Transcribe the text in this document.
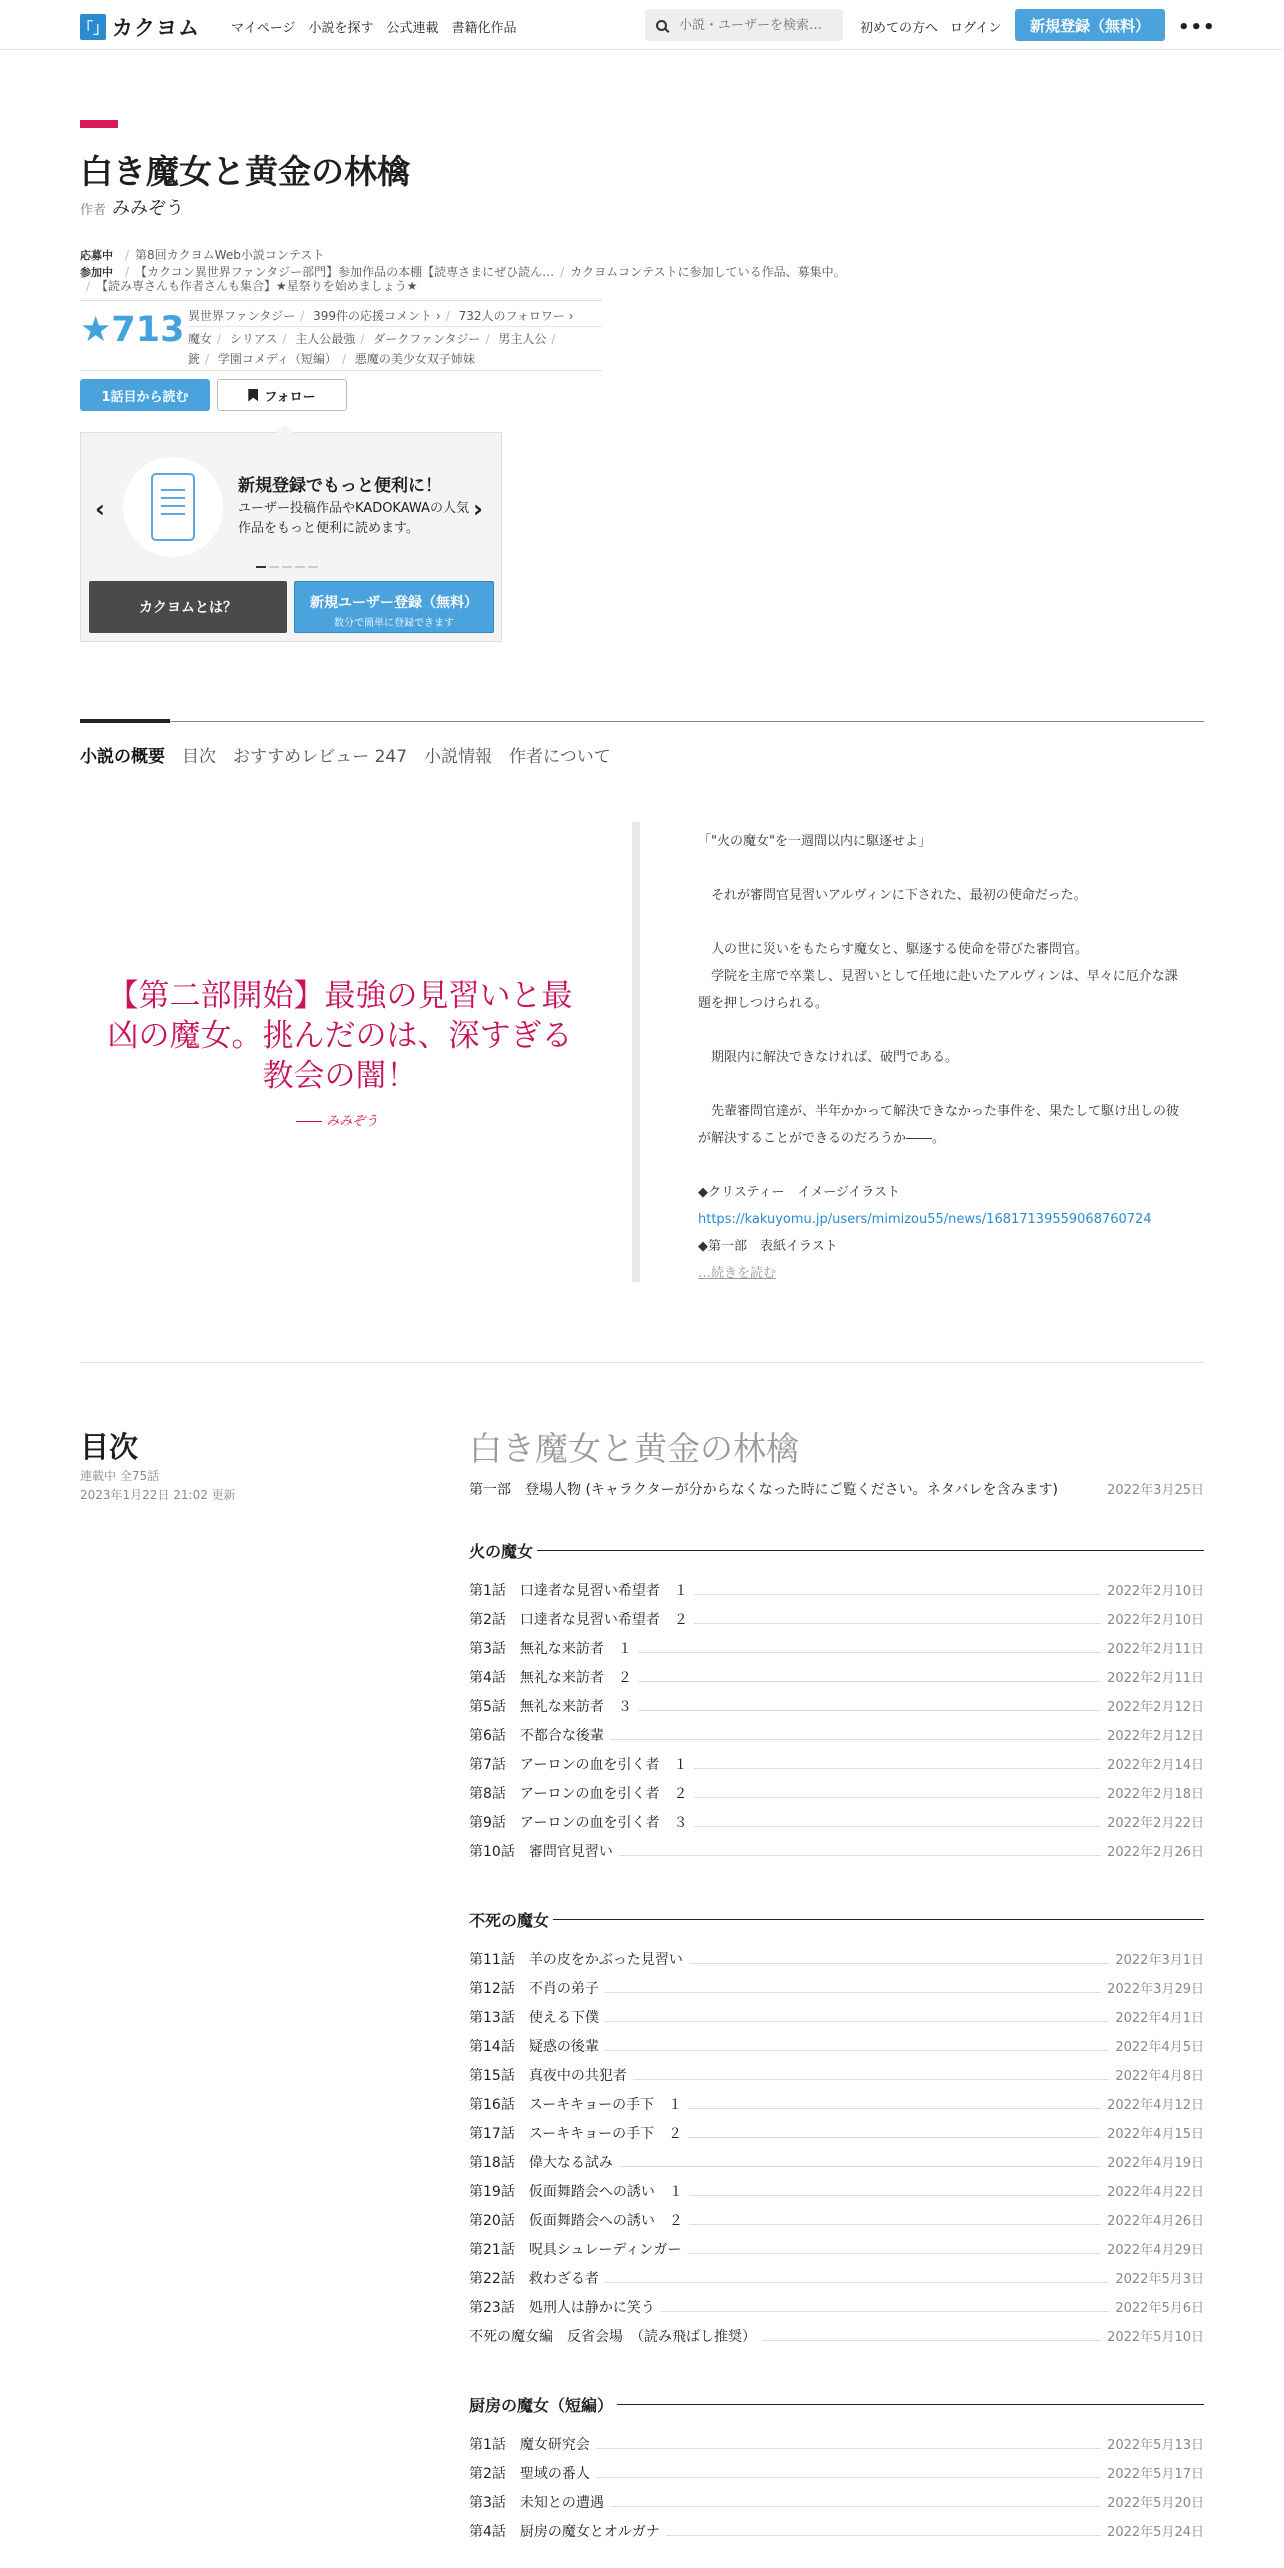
「」 カクヨム マイページ 小説を探す 公式連載 書籍化作品
小説・ユーザーを検索…	初めての方へ ログイン	新規登録（無料）	•••
白き魔女と黄金の林檎
作者 みみぞう
応募中 / 第8回カクヨムWeb小説コンテスト
参加中 / 【カクコン異世界ファンタジー部門】参加作品の本棚【読専さまにぜひ読ん… / カクヨムコンテストに参加している作品、募集中。
/ 【読み専さんも作者さんも集合】★星祭りを始めましょう★
★713 異世界ファンタジー / 399件の応援コメント › / 732人のフォロワー ›
魔女 / シリアス / 主人公最強 / ダークファンタジー / 男主人公 /
銃 / 学園コメディ（短編） / 悪魔の美少女双子姉妹
1話目から読む	フォロー
‹	›
新規登録でもっと便利に！
ユーザー投稿作品やKADOKAWAの人気作品をもっと便利に読めます。
カクヨムとは？	新規ユーザー登録（無料）
数分で簡単に登録できます
小説の概要 目次 おすすめレビュー 247 小説情報 作者について
【第二部開始】最強の見習いと最凶の魔女。挑んだのは、深すぎる教会の闇！
―― みみぞう

「"火の魔女"を一週間以内に駆逐せよ」

　それが審問官見習いアルヴィンに下された、最初の使命だった。

　人の世に災いをもたらす魔女と、駆逐する使命を帯びた審問官。

　学院を主席で卒業し、見習いとして任地に赴いたアルヴィンは、早々に厄介な課題を押しつけられる。

　期限内に解決できなければ、破門である。

　先輩審問官達が、半年かかって解決できなかった事件を、果たして駆け出しの彼が解決することができるのだろうか――。

◆クリスティー　イメージイラスト

https://kakuyomu.jp/users/mimizou55/news/16817139559068760724
◆第一部　表紙イラスト
…続きを読む
目次
連載中 全75話
2023年1月22日 21:02 更新
白き魔女と黄金の林檎
第一部　登場人物 (キャラクターが分からなくなった時にご覧ください。ネタバレを含みます)	2022年3月25日
火の魔女
第1話　口達者な見習い希望者　１	2022年2月10日
第2話　口達者な見習い希望者　２	2022年2月10日
第3話　無礼な来訪者　１	2022年2月11日
第4話　無礼な来訪者　２	2022年2月11日
第5話　無礼な来訪者　３	2022年2月12日
第6話　不都合な後輩	2022年2月12日
第7話　アーロンの血を引く者　１	2022年2月14日
第8話　アーロンの血を引く者　２	2022年2月18日
第9話　アーロンの血を引く者　３	2022年2月22日
第10話　審問官見習い	2022年2月26日
不死の魔女
第11話　羊の皮をかぶった見習い	2022年3月1日
第12話　不肖の弟子	2022年3月29日
第13話　使える下僕	2022年4月1日
第14話　疑惑の後輩	2022年4月5日
第15話　真夜中の共犯者	2022年4月8日
第16話　スーキキョーの手下　１	2022年4月12日
第17話　スーキキョーの手下　２	2022年4月15日
第18話　偉大なる試み	2022年4月19日
第19話　仮面舞踏会への誘い　１	2022年4月22日
第20話　仮面舞踏会への誘い　２	2022年4月26日
第21話　呪具シュレーディンガー	2022年4月29日
第22話　救わざる者	2022年5月3日
第23話　処刑人は静かに笑う	2022年5月6日
不死の魔女編　反省会場　（読み飛ばし推奨）	2022年5月10日
厨房の魔女（短編）
第1話　魔女研究会	2022年5月13日
第2話　聖域の番人	2022年5月17日
第3話　未知との遭遇	2022年5月20日
第4話　厨房の魔女とオルガナ	2022年5月24日
